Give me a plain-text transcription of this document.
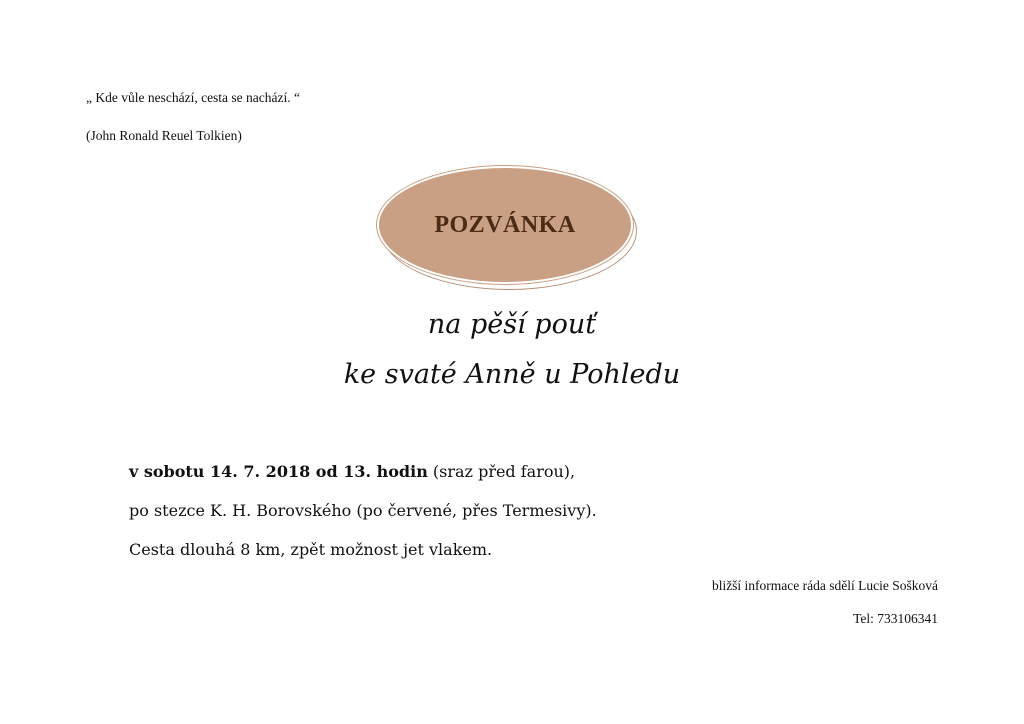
„ Kde vůle neschází, cesta se nachází. “
(John Ronald Reuel Tolkien)
POZVÁNKA
na pěší pouť
ke svaté Anně u Pohledu
v sobotu 14. 7. 2018 od 13. hodin (sraz před farou),
po stezce K. H. Borovského (po červené, přes Termesivy).
Cesta dlouhá 8 km, zpět možnost jet vlakem.
bližší informace ráda sdělí Lucie Sošková
Tel: 733106341
